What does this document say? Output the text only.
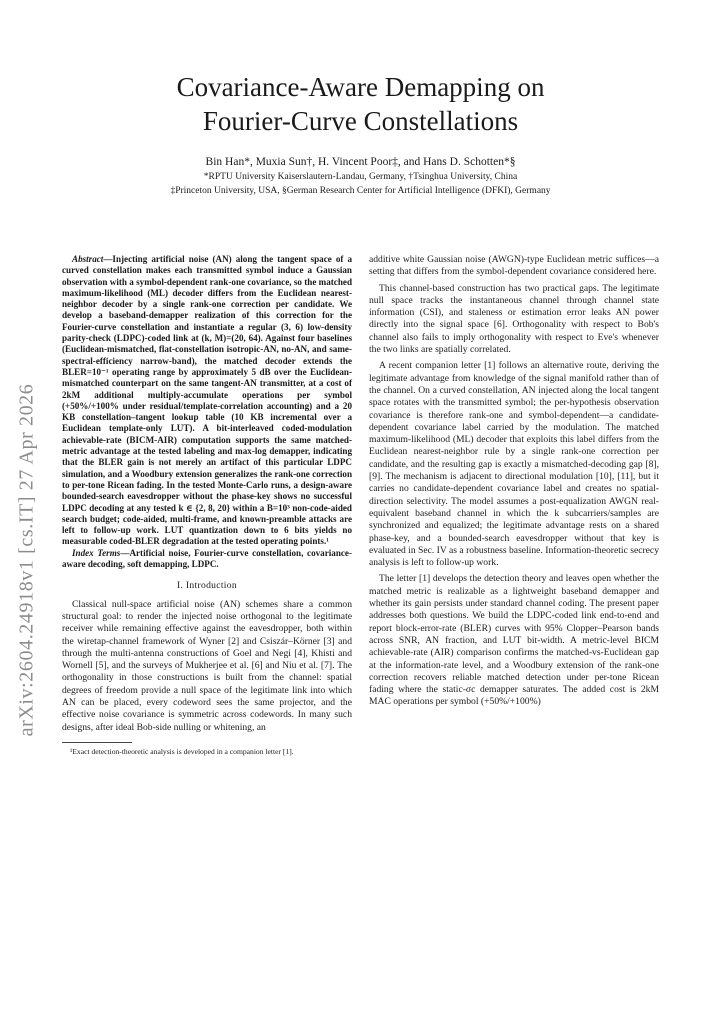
arXiv:2604.24918v1 [cs.IT] 27 Apr 2026
Covariance-Aware Demapping on
Fourier-Curve Constellations
Bin Han*, Muxia Sun†, H. Vincent Poor‡, and Hans D. Schotten*§
*RPTU University Kaiserslautern-Landau, Germany, †Tsinghua University, China
‡Princeton University, USA, §German Research Center for Artificial Intelligence (DFKI), Germany

Abstract—Injecting artificial noise (AN) along the tangent space of a curved constellation makes each transmitted symbol induce a Gaussian observation with a symbol-dependent rank-one covariance, so the matched maximum-likelihood (ML) decoder differs from the Euclidean nearest-neighbor decoder by a single rank-one correction per candidate. We develop a baseband-demapper realization of this correction for the Fourier-curve constellation and instantiate a regular (3, 6) low-density parity-check (LDPC)-coded link at (k, M)=(20, 64). Against four baselines (Euclidean-mismatched, flat-constellation isotropic-AN, no-AN, and same-spectral-efficiency narrow-band), the matched decoder extends the BLER=10⁻¹ operating range by approximately 5 dB over the Euclidean-mismatched counterpart on the same tangent-AN transmitter, at a cost of 2kM additional multiply-accumulate operations per symbol (+50%/+100% under residual/template-correlation accounting) and a 20 KB constellation–tangent lookup table (10 KB incremental over a Euclidean template-only LUT). A bit-interleaved coded-modulation achievable-rate (BICM-AIR) computation supports the same matched-metric advantage at the tested labeling and max-log demapper, indicating that the BLER gain is not merely an artifact of this particular LDPC simulation, and a Woodbury extension generalizes the rank-one correction to per-tone Ricean fading. In the tested Monte-Carlo runs, a design-aware bounded-search eavesdropper without the phase-key shows no successful LDPC decoding at any tested k ∈ {2, 8, 20} within a B=10³ non-code-aided search budget; code-aided, multi-frame, and known-preamble attacks are left to follow-up work. LUT quantization down to 6 bits yields no measurable coded-BLER degradation at the tested operating points.¹

Index Terms—Artificial noise, Fourier-curve constellation, covariance-aware decoding, soft demapping, LDPC.

I. Introduction

Classical null-space artificial noise (AN) schemes share a common structural goal: to render the injected noise orthogonal to the legitimate receiver while remaining effective against the eavesdropper, both within the wiretap-channel framework of Wyner [2] and Csiszár–Körner [3] and through the multi-antenna constructions of Goel and Negi [4], Khisti and Wornell [5], and the surveys of Mukherjee et al. [6] and Niu et al. [7]. The orthogonality in those constructions is built from the channel: spatial degrees of freedom provide a null space of the legitimate link into which AN can be placed, every codeword sees the same projector, and the effective noise covariance is symmetric across codewords. In many such designs, after ideal Bob-side nulling or whitening, an

¹Exact detection-theoretic analysis is developed in a companion letter [1].

additive white Gaussian noise (AWGN)-type Euclidean metric suffices—a setting that differs from the symbol-dependent covariance considered here.

This channel-based construction has two practical gaps. The legitimate null space tracks the instantaneous channel through channel state information (CSI), and staleness or estimation error leaks AN power directly into the signal space [6]. Orthogonality with respect to Bob's channel also fails to imply orthogonality with respect to Eve's whenever the two links are spatially correlated.

A recent companion letter [1] follows an alternative route, deriving the legitimate advantage from knowledge of the signal manifold rather than of the channel. On a curved constellation, AN injected along the local tangent space rotates with the transmitted symbol; the per-hypothesis observation covariance is therefore rank-one and symbol-dependent—a candidate-dependent covariance label carried by the modulation. The matched maximum-likelihood (ML) decoder that exploits this label differs from the Euclidean nearest-neighbor rule by a single rank-one correction per candidate, and the resulting gap is exactly a mismatched-decoding gap [8], [9]. The mechanism is adjacent to directional modulation [10], [11], but it carries no candidate-dependent covariance label and creates no spatial-direction selectivity. The model assumes a post-equalization AWGN real-equivalent baseband channel in which the k subcarriers/samples are synchronized and equalized; the legitimate advantage rests on a shared phase-key, and a bounded-search eavesdropper without that key is evaluated in Sec. IV as a robustness baseline. Information-theoretic secrecy analysis is left to follow-up work.

The letter [1] develops the detection theory and leaves open whether the matched metric is realizable as a lightweight baseband demapper and whether its gain persists under standard channel coding. The present paper addresses both questions. We build the LDPC-coded link end-to-end and report block-error-rate (BLER) curves with 95% Clopper–Pearson bands across SNR, AN fraction, and LUT bit-width. A metric-level BICM achievable-rate (AIR) comparison confirms the matched-vs-Euclidean gap at the information-rate level, and a Woodbury extension of the rank-one correction recovers reliable matched detection under per-tone Ricean fading where the static-σc demapper saturates. The added cost is 2kM MAC operations per symbol (+50%/+100%)
